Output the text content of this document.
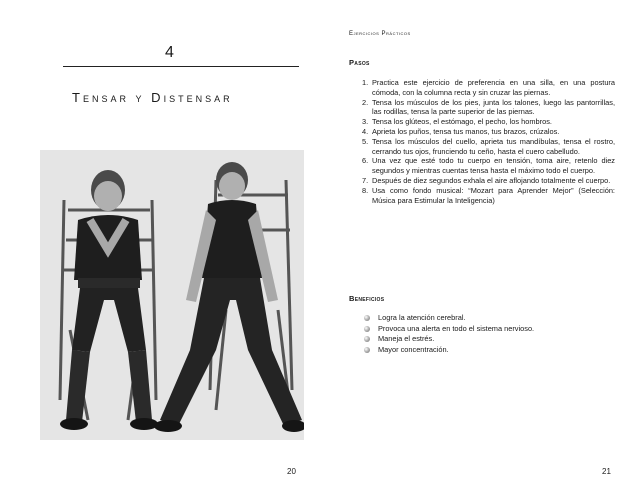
4
Tensar y Distensar
20
Ejercicios Prácticos
Pasos
1. Practica este ejercicio de preferencia en una silla, en una postura cómoda, con la columna recta y sin cruzar las piernas.
2. Tensa los músculos de los pies, junta los talones, luego las pantorrillas, las rodillas, tensa la parte superior de las piernas.
3. Tensa los glúteos, el estómago, el pecho, los hombros.
4. Aprieta los puños, tensa tus manos, tus brazos, crúzalos.
5. Tensa los músculos del cuello, aprieta tus mandíbulas, tensa el rostro, cerrando tus ojos, frunciendo tu ceño, hasta el cuero cabelludo.
6. Una vez que esté todo tu cuerpo en tensión, toma aire, retenlo diez segundos y mientras cuentas tensa hasta el máximo todo el cuerpo.
7. Después de diez segundos exhala el aire aflojando totalmente el cuerpo.
8. Usa como fondo musical: “Mozart para Aprender Mejor” (Selección: Música para Estimular la Inteligencia)
Beneficios
Logra la atención cerebral.
Provoca una alerta en todo el sistema nervioso.
Maneja el estrés.
Mayor concentración.
21
